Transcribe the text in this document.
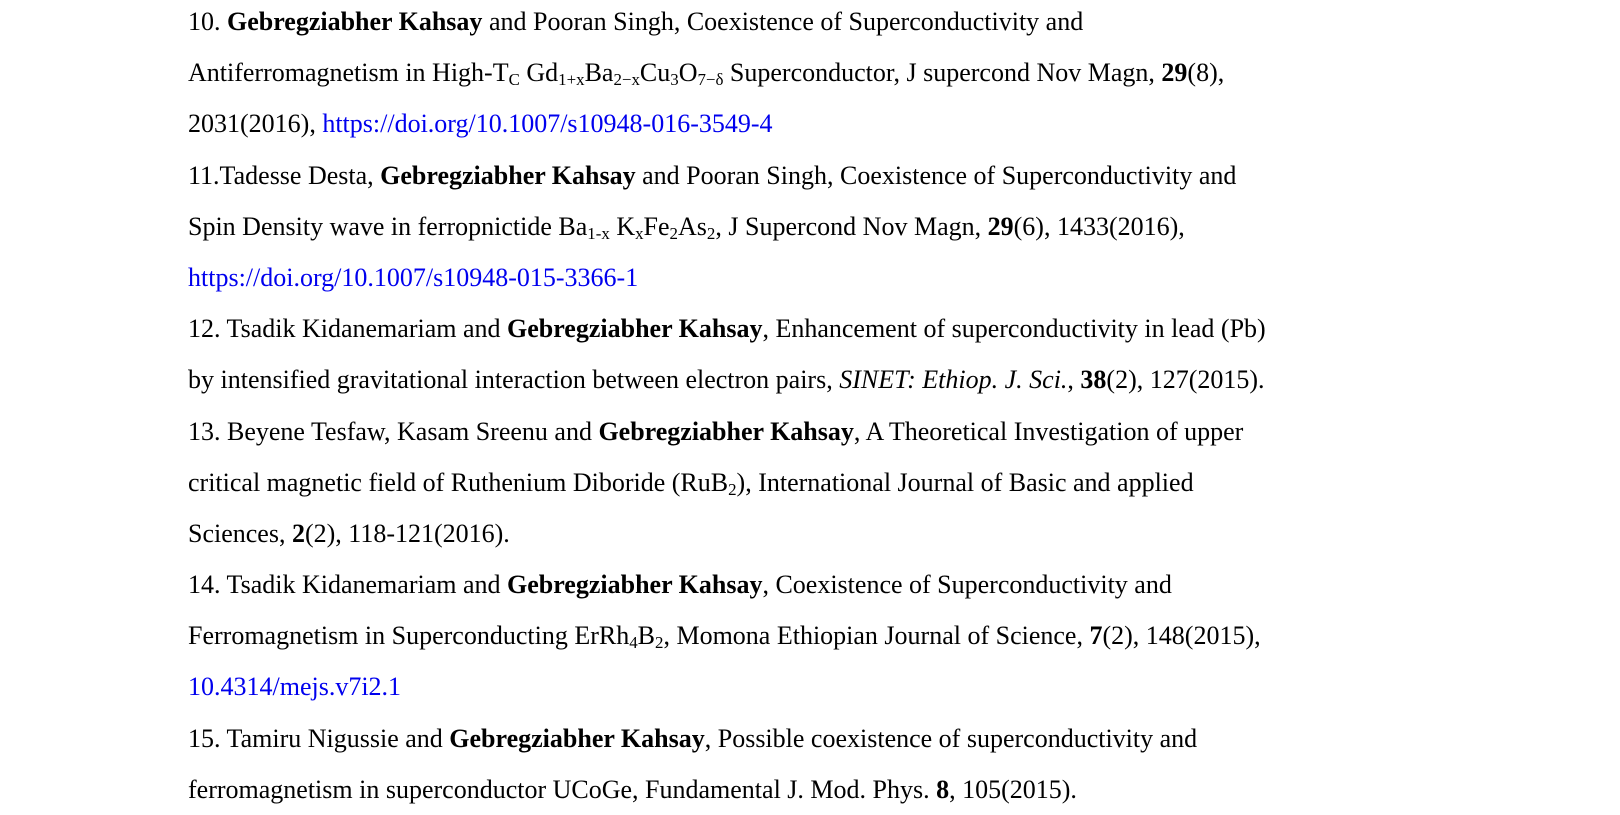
10. Gebregziabher Kahsay and Pooran Singh, Coexistence of Superconductivity and
Antiferromagnetism in High-$T_C$ $Gd_{1+x}Ba_{2-x}Cu_3O_{7-\delta}$ Superconductor, J supercond Nov Magn, 29(8),
2031(2016), https://doi.org/10.1007/s10948-016-3549-4
11.Tadesse Desta, Gebregziabher Kahsay and Pooran Singh, Coexistence of Superconductivity and
Spin Density wave in ferropnictide $Ba_{1-x}$ $K_xFe_2As_2$, J Supercond Nov Magn, 29(6), 1433(2016),
https://doi.org/10.1007/s10948-015-3366-1
12. Tsadik Kidanemariam and Gebregziabher Kahsay, Enhancement of superconductivity in lead (Pb)
by intensified gravitational interaction between electron pairs, SINET: Ethiop. J. Sci., 38(2), 127(2015).
13. Beyene Tesfaw, Kasam Sreenu and Gebregziabher Kahsay, A Theoretical Investigation of upper
critical magnetic field of Ruthenium Diboride (RuB$_2$), International Journal of Basic and applied
Sciences, 2(2), 118-121(2016).
14. Tsadik Kidanemariam and Gebregziabher Kahsay, Coexistence of Superconductivity and
Ferromagnetism in Superconducting $ErRh_4B_2$, Momona Ethiopian Journal of Science, 7(2), 148(2015),
10.4314/mejs.v7i2.1
15. Tamiru Nigussie and Gebregziabher Kahsay, Possible coexistence of superconductivity and
ferromagnetism in superconductor UCoGe, Fundamental J. Mod. Phys. 8, 105(2015).
